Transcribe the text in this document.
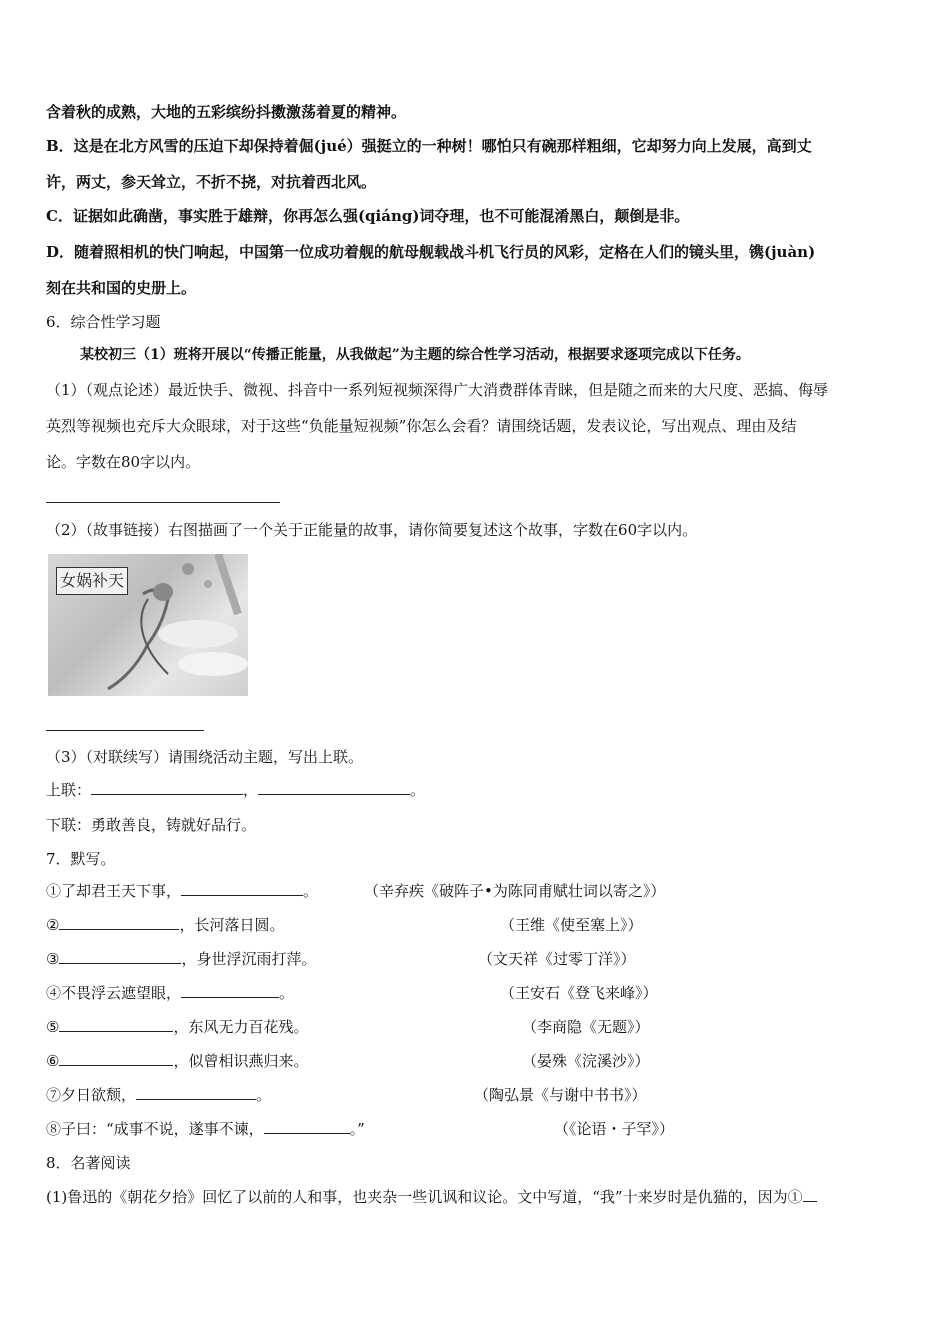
含着秋的成熟，大地的五彩缤纷抖擞激荡着夏的精神。
B．这是在北方风雪的压迫下却保持着倔(jué）强挺立的一种树！哪怕只有碗那样粗细，它却努力向上发展，高到丈
许，两丈，参天耸立，不折不挠，对抗着西北风。
C．证据如此确凿，事实胜于雄辩，你再怎么强(qiáng)词夺理，也不可能混淆黑白，颠倒是非。
D．随着照相机的快门响起，中国第一位成功着舰的航母舰载战斗机飞行员的风彩，定格在人们的镜头里，镌(juàn)
刻在共和国的史册上。
6．综合性学习题
某校初三（1）班将开展以“传播正能量，从我做起”为主题的综合性学习活动，根据要求逐项完成以下任务。
（1）（观点论述）最近快手、微视、抖音中一系列短视频深得广大消费群体青睐，但是随之而来的大尺度、恶搞、侮辱
英烈等视频也充斥大众眼球，对于这些“负能量短视频”你怎么会看？请围绕话题，发表议论，写出观点、理由及结
论。字数在80字以内。
（2）（故事链接）右图描画了一个关于正能量的故事，请你简要复述这个故事，字数在60字以内。
女娲补天
（3）（对联续写）请围绕活动主题，写出上联。
上联：	，	。
下联：勇敢善良，铸就好品行。
7．默写。
①了却君王天下事，	。	（辛弃疾《破阵子•为陈同甫赋壮词以寄之》）
②	，长河落日圆。	（王维《使至塞上》）
③	，身世浮沉雨打萍。	（文天祥《过零丁洋》）
④不畏浮云遮望眼，	。	（王安石《登飞来峰》）
⑤	，东风无力百花残。	（李商隐《无题》）
⑥	，似曾相识燕归来。	（晏殊《浣溪沙》）
⑦夕日欲颓，	。	（陶弘景《与谢中书书》）
⑧子曰：“成事不说，遂事不谏，	。”	（《论语・子罕》）
8．名著阅读
(1)鲁迅的《朝花夕拾》回忆了以前的人和事，也夹杂一些讥讽和议论。文中写道，“我”十来岁时是仇猫的，因为①
